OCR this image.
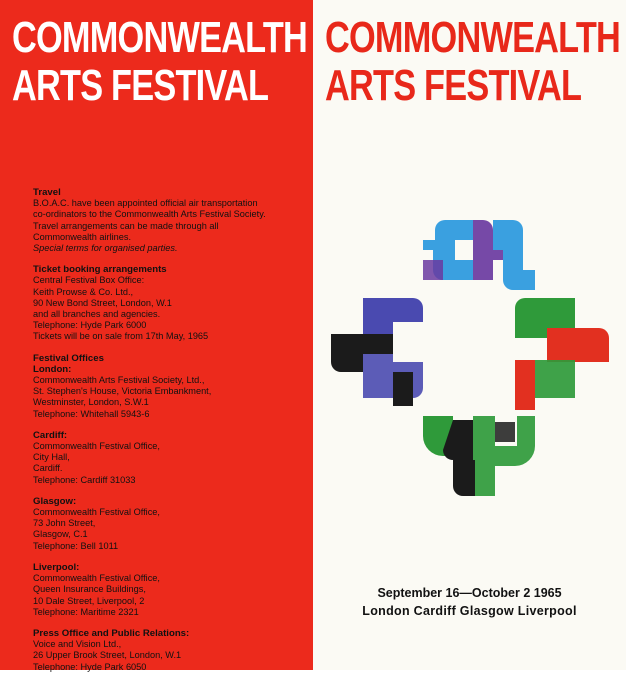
COMMONWEALTH
ARTS FESTIVAL
Travel
B.O.A.C. have been appointed official air transportation
co-ordinators to the Commonwealth Arts Festival Society.
Travel arrangements can be made through all
Commonwealth airlines.
Special terms for organised parties.
Ticket booking arrangements
Central Festival Box Office:
Keith Prowse & Co. Ltd.,
90 New Bond Street, London, W.1
and all branches and agencies.
Telephone: Hyde Park 6000
Tickets will be on sale from 17th May, 1965
Festival Offices
London:
Commonwealth Arts Festival Society, Ltd.,
St. Stephen's House, Victoria Embankment,
Westminster, London, S.W.1
Telephone: Whitehall 5943-6
Cardiff:
Commonwealth Festival Office,
City Hall,
Cardiff.
Telephone: Cardiff 31033
Glasgow:
Commonwealth Festival Office,
73 John Street,
Glasgow, C.1
Telephone: Bell 1011
Liverpool:
Commonwealth Festival Office,
Queen Insurance Buildings,
10 Dale Street, Liverpool, 2
Telephone: Maritime 2321
Press Office and Public Relations:
Voice and Vision Ltd.,
26 Upper Brook Street, London, W.1
Telephone: Hyde Park 6050
COMMONWEALTH
ARTS FESTIVAL
September 16—October 2 1965
London Cardiff Glasgow Liverpool
